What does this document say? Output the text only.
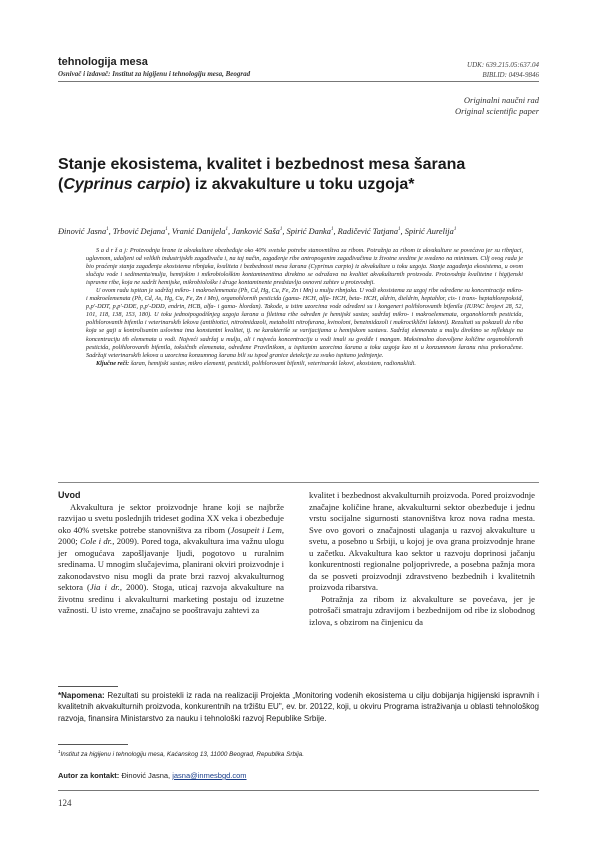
tehnologija mesa
Osnivač i izdavač: Institut za higijenu i tehnologiju mesa, Beograd
UDK: 639.215.05:637.04
BIBLID: 0494-9846
Originalni naučni rad
Original scientific paper
Stanje ekosistema, kvalitet i bezbednost mesa šarana
(Cyprinus carpio) iz akvakulture u toku uzgoja*
Đinović Jasna$^1$, Trbović Dejana$^1$, Vranić Danijela$^1$, Janković Saša$^1$, Spirić Danka$^1$, Radičević Tatjana$^1$, Spirić Aurelija$^1$

S a d r ž a j: Proizvodnja hrane iz akvakulture obezbeđuje oko 40% svetske potrebe stanovništva za ribom. Potražnja za ribom iz akvakulture se povećava jer su ribnjaci, uglavnom, udaljeni od velikih industrijskih zagađivača i, na taj način, zagađenje ribe antropogenim zagađivačima iz životne sredine je svedeno na minimum. Cilj ovog rada je bio praćenje stanja zagađenja ekosistema ribnjaka, kvaliteta i bezbednosti mesa šarana (Cyprinus carpio) iz akvakulture u toku uzgoja. Stanje zagađenja ekosistema, u ovom slučaju vode i sedimenta/mulja, hemijskim i mikrobiološkim kontaminentima direktno se odražava na kvalitet akvakulturnih proizvoda. Proizvodnja kvalitetne i higijenski ispravne ribe, koja ne sadrži hemijske, mikrobiološke i druge kontaminente predstavlja osnovni zahtev u proizvodnji.

U ovom radu ispitan je sadržaj mikro- i makroelemenata (Pb, Cd, Hg, Cu, Fe, Zn i Mn) u mulju ribnjaka. U vodi ekosistema za uzgoj ribe određene su koncentracije mikro- i makroelemenata (Pb, Cd, As, Hg, Cu, Fe, Zn i Mn), organohlornih pesticida (gama- HCH, alfa- HCH, beta- HCH, aldrin, dieldrin, heptahlor, cis- i trans- heptahlorepoksid, p,p'-DDT, p,p'-DDE, p,p'-DDD, endrin, HCB, alfa- i gama- hlordan). Takođe, u istim uzorcima vode određeni su i kongeneri polihlorovanih bifenila (IUPAC brojevi 28, 52, 101, 118, 138, 153, 180). U toku jednoipogodišnjeg uzgoja šarana u filetima ribe određen je hemijski sastav, sadržaj mikro- i makroelemenata, organohlornih pesticida, polihlorovanih bifenila i veterinarskih lekova (antibiotici, nitroimidazoli, metaboliti nitrofurana, kvinoloni, benzimidazoli i makrociklični laktoni). Rezultati su pokazali da riba koja se gaji u kontrolisanim uslovima ima konstantni kvalitet, tj. ne karakteriše se varijacijama u hemijskom sastavu. Sadržaj elemenata u mulju direktno se reflektuje na koncentraciju tih elemenata u vodi. Najveći sadržaj u mulju, ali i najveću koncentraciju u vodi imali su gvožđe i mangan. Maksimalno dozvoljene količine organohlornih pesticida, polihlorovanih bifenila, toksičnih elemenata, određene Pravilnikom, u ispitanim uzorcima šarana u toku uzgoja kao ni u konzumnom šaranu nisu prekoračene. Sadržaji veterinarskih lekova u uzorcima konzumnog šarana bili su ispod granice detekcije za svako ispitano jedinjenje.

Ključne reči: šaran, hemijski sastav, mikro elementi, pesticidi, polihlorovani bifenili, veterinarski lekovi, ekosistem, radionuklidi.

Uvod

Akvakultura je sektor proizvodnje hrane koji se najbrže razvijao u svetu poslednjih trideset godina XX veka i obezbeđuje oko 40% svetske potrebe stanovništva za ribom (Josupeit i Lem, 2000; Cole i dr., 2009). Pored toga, akvakultura ima važnu ulogu jer omogućava zapošljavanje ljudi, pogotovo u ruralnim sredinama. U mnogim slučajevima, planirani okviri proizvodnje i zakonodavstvo nisu mogli da prate brzi razvoj akvakulturnog sektora (Jia i dr., 2000). Stoga, uticaj razvoja akvakulture na životnu sredinu i akvakulturni marketing postaju od izuzetne važnosti. U isto vreme, značajno se pooštravaju zahtevi za

kvalitet i bezbednost akvakulturnih proizvoda. Pored proizvodnje značajne količine hrane, akvakulturni sektor obezbeđuje i jednu vrstu socijalne sigurnosti stanovništva kroz nova radna mesta. Sve ovo govori o značajnosti ulaganja u razvoj akvakulture u svetu, a posebno u Srbiji, u kojoj je ova grana proizvodnje hrane u začetku. Akvakultura kao sektor u razvoju doprinosi jačanju konkurentnosti regionalne poljoprivrede, a posebna pažnja mora da se posveti proizvodnji zdravstveno bezbednih i kvalitetnih proizvoda ribarstva.

Potražnja za ribom iz akvakulture se povećava, jer je potrošači smatraju zdravijom i bezbednijom od ribe iz slobodnog izlova, s obzirom na činjenicu da

*Napomena: Rezultati su proistekli iz rada na realizaciji Projekta „Monitoring vodenih ekosistema u cilju dobijanja higijenski ispravnih i kvalitetnih akvakulturnih proizvoda, konkurentnih na tržištu EU", ev. br. 20122, koji, u okviru Programa istraživanja u oblasti tehnološkog razvoja, finansira Ministarstvo za nauku i tehnološki razvoj Republike Srbije.
$^1$Institut za higijenu i tehnologiju mesa, Kaćanskog 13, 11000 Beograd, Republika Srbija.
Autor za kontakt: Đinović Jasna, jasna@inmesbgd.com
124
